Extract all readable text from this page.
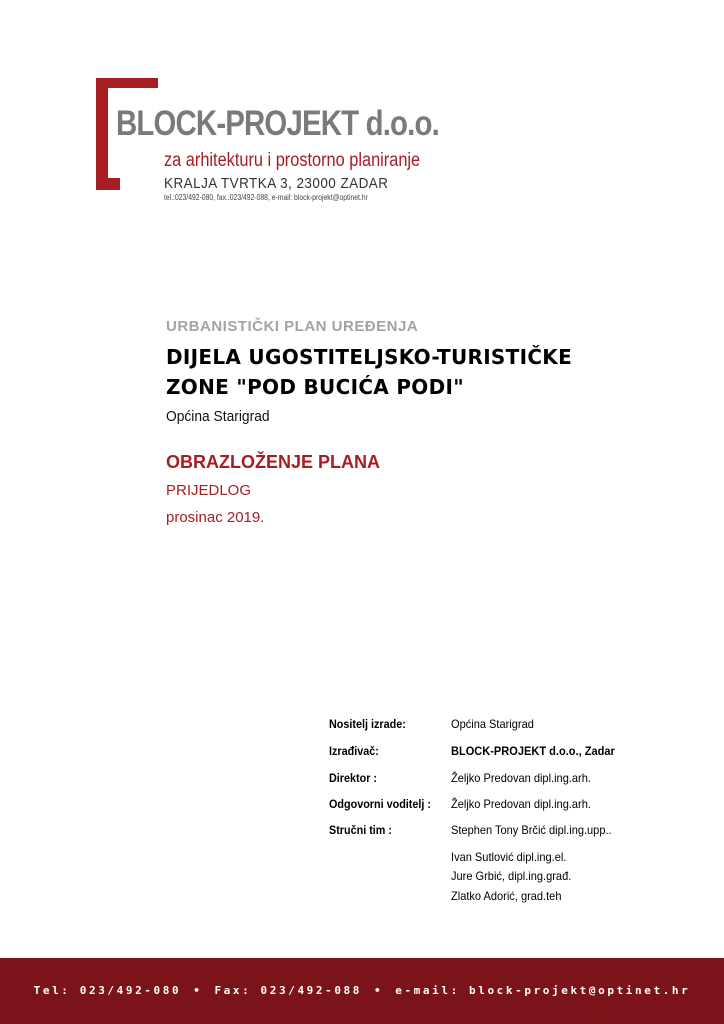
BLOCK-PROJEKT d.o.o.
za arhitekturu i prostorno planiranje
KRALJA TVRTKA 3, 23000 ZADAR
tel.:023/492-080, fax.:023/492-088, e-mail: block-projekt@optinet.hr
URBANISTIČKI PLAN UREĐENJA
DIJELA UGOSTITELJSKO-TURISTIČKE
ZONE "POD BUCIĆA PODI"
Općina Starigrad
OBRAZLOŽENJE PLANA
PRIJEDLOG
prosinac 2019.
Nositelj izrade:	Općina Starigrad
Izrađivač:	BLOCK-PROJEKT d.o.o., Zadar
Direktor :	Željko Predovan dipl.ing.arh.
Odgovorni voditelj : Željko Predovan dipl.ing.arh.
Stručni tim :	Stephen Tony Brčić dipl.ing.upp..
Ivan Sutlović dipl.ing.el.
Jure Grbić, dipl.ing.građ.
Zlatko Adorić, grad.teh
Tel: 023/492-080 • Fax: 023/492-088 • e-mail: block-projekt@optinet.hr
